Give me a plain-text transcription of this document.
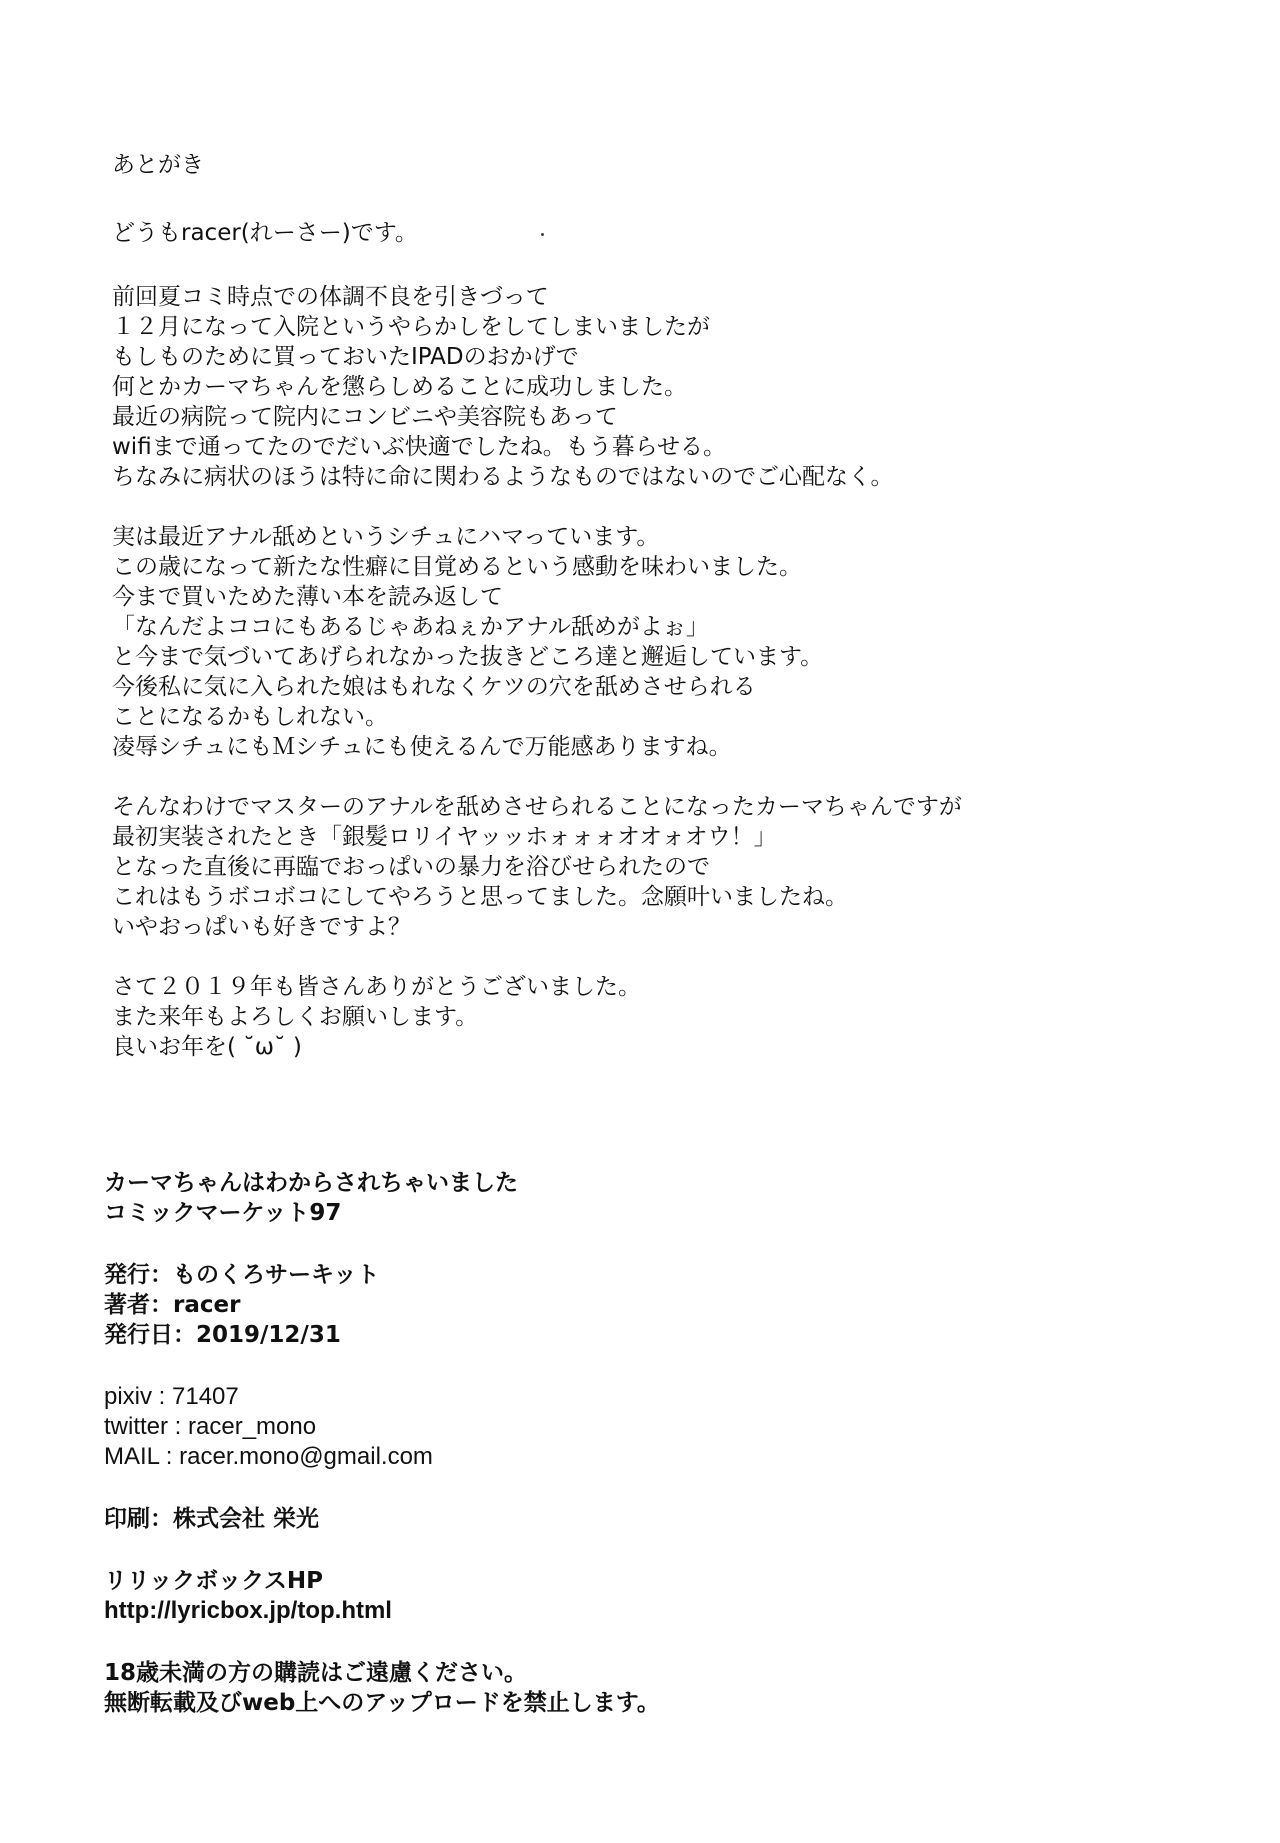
あとがき
どうもracer(れーさー)です。
前回夏コミ時点での体調不良を引きづって
１２月になって入院というやらかしをしてしまいましたが
もしものために買っておいたIPADのおかげで
何とかカーマちゃんを懲らしめることに成功しました。
最近の病院って院内にコンビニや美容院もあって
wifiまで通ってたのでだいぶ快適でしたね。もう暮らせる。
ちなみに病状のほうは特に命に関わるようなものではないのでご心配なく。
実は最近アナル舐めというシチュにハマっています。
この歳になって新たな性癖に目覚めるという感動を味わいました。
今まで買いためた薄い本を読み返して
「なんだよココにもあるじゃあねぇかアナル舐めがよぉ」
と今まで気づいてあげられなかった抜きどころ達と邂逅しています。
今後私に気に入られた娘はもれなくケツの穴を舐めさせられる
ことになるかもしれない。
凌辱シチュにもＭシチュにも使えるんで万能感ありますね。
そんなわけでマスターのアナルを舐めさせられることになったカーマちゃんですが
最初実装されたとき「銀髪ロリイヤッッホォォォオオォオウ！」
となった直後に再臨でおっぱいの暴力を浴びせられたので
これはもうボコボコにしてやろうと思ってました。念願叶いましたね。
いやおっぱいも好きですよ？
さて２０１９年も皆さんありがとうございました。
また来年もよろしくお願いします。
良いお年を( ˘ω˘ )
カーマちゃんはわからされちゃいました
コミックマーケット97
発行：ものくろサーキット
著者：racer
発行日：2019/12/31
pixiv : 71407
twitter : racer_mono
MAIL : racer.mono@gmail.com
印刷：株式会社 栄光
リリックボックスHP
http://lyricbox.jp/top.html
18歳未満の方の購読はご遠慮ください。
無断転載及びweb上へのアップロードを禁止します。
